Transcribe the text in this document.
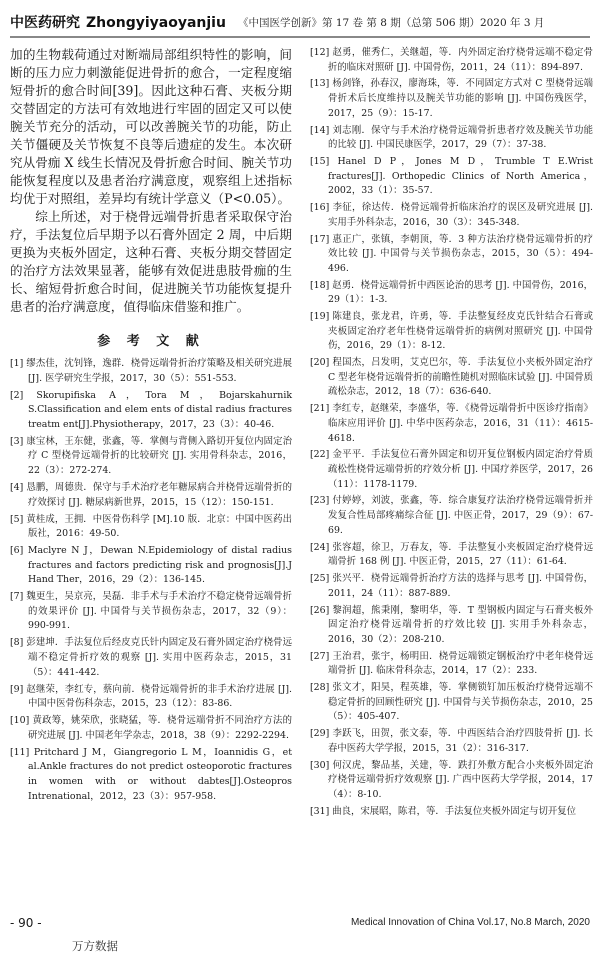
中医药研究 Zhongyiyaoyanjiu 《中国医学创新》第 17 卷 第 8 期（总第 506 期）2020 年 3 月

加的生物载荷通过对断端局部组织特性的影响，间断的压力应力刺激能促进骨折的愈合，一定程度缩短骨折的愈合时间[39]。因此这种石膏、夹板分期交替固定的方法可有效地进行牢固的固定又可以使腕关节充分的活动，可以改善腕关节的功能，防止关节僵硬及关节恢复不良等后遗症的发生。本次研究从骨痂 X 线生长情况及骨折愈合时间、腕关节功能恢复程度以及患者治疗满意度，观察组上述指标均优于对照组，差异均有统计学意义（P<0.05）。

综上所述，对于桡骨远端骨折患者采取保守治疗，手法复位后早期予以石膏外固定 2 周，中后期更换为夹板外固定，这种石膏、夹板分期交替固定的治疗方法效果显著，能够有效促进患肢骨痂的生长、缩短骨折愈合时间，促进腕关节功能恢复提升患者的治疗满意度，值得临床借鉴和推广。

参 考 文 献
[1] 缪杰佳，沈钊锋，逸群．桡骨远端骨折治疗策略及相关研究进展 [J]. 医学研究生学报，2017，30（5）：551-553.
[2] Skorupifiska A，Tora M，Bojarskahurnik S.Classification and elem ents of distal radius fractures treatm ent[J].Physiotherapy，2017，23（3）：40-46.
[3] 康宝林，王东健，张鑫，等．掌侧与背侧入路切开复位内固定治疗 C 型桡骨远端骨折的比较研究 [J]. 实用骨科杂志，2016，22（3）：272-274.
[4] 恳鹏，周德贵．保守与手术治疗老年糖尿病合并桡骨远端骨折的疗效探讨 [J]. 糖尿病新世界，2015，15（12）：150-151.
[5] 黄桂成，王拥．中医骨伤科学 [M].10 版．北京：中国中医药出版社，2016：49-50.
[6] Maclyre N J，Dewan N.Epidemiology of distal radius fractures and factors predicting risk and prognosis[J].J Hand Ther，2016，29（2）：136-145.
[7] 魏更生，吴京亮，吴磊．非手术与手术治疗不稳定桡骨远端骨折的效果评价 [J]. 中国骨与关节损伤杂志，2017，32（9）：990-991.
[8] 彭建坤．手法复位后经皮克氏针内固定及石膏外固定治疗桡骨远端不稳定骨折疗效的观察 [J]. 实用中医药杂志，2015，31（5）：441-442.
[9] 赵继荣，李红专，蔡向前．桡骨远端骨折的非手术治疗进展 [J]. 中国中医骨伤科杂志，2015，23（12）：83-86.
[10] 黄政筹，姚荣欣，张晓猛，等．桡骨远端骨折不同治疗方法的研究进展 [J]. 中国老年学杂志，2018，38（9）：2292-2294.
[11] Pritchard J M，Giangregorio L M，Ioannidis G，et al.Ankle fractures do not predict osteoporotic fractures in women with or without dabtes[J].Osteopros Intrenational，2012，23（3）：957-958.
[12] 赵勇，催秀仁，关继超，等．内外固定治疗桡骨远端不稳定骨折的临床对照研 [J]. 中国骨伤，2011，24（11）：894-897.
[13] 杨剑锋，孙春汉，廖海珠，等．不同固定方式对 C 型桡骨远端骨折术后长度维持以及腕关节功能的影响 [J]. 中国伤残医学，2017，25（9）：15-17.
[14] 刘志刚．保守与手术治疗桡骨远端骨折患者疗效及腕关节功能的比较 [J]. 中国民康医学，2017，29（7）：37-38.
[15] Hanel D P，Jones M D，Trumble T E.Wrist fractures[J]. Orthopedic Clinics of North America，2002，33（1）：35-57.
[16] 李征，徐达传．桡骨远端骨折临床治疗的误区及研究进展 [J]. 实用手外科杂志，2016，30（3）：345-348.
[17] 惠正广，张镇，李朝顶，等．3 种方法治疗桡骨远端骨折的疗效比较 [J]. 中国骨与关节损伤杂志，2015，30（5）：494-496.
[18] 赵勇．桡骨远端骨折中西医论治的思考 [J]. 中国骨伤，2016，29（1）：1-3.
[19] 陈建良，张龙君，许勇，等．手法整复经皮克氏针结合石膏或夹板固定治疗老年性桡骨远端骨折的病例对照研究 [J]. 中国骨伤，2016，29（1）：8-12.
[20] 程国杰，吕发明，艾克巴尔，等．手法复位小夹板外固定治疗 C 型老年桡骨远端骨折的前瞻性随机对照临床试验 [J]. 中国骨质疏松杂志，2012，18（7）：636-640.
[21] 李红专，赵继荣，李盛华，等．《桡骨远端骨折中医诊疗指南》临床应用评价 [J]. 中华中医药杂志，2016，31（11）：4615-4618.
[22] 金平平．手法复位石膏外固定和切开复位钢板内固定治疗骨质疏松性桡骨远端骨折的疗效分析 [J]. 中国疗养医学，2017，26（11）：1178-1179.
[23] 付婷婷，刘波，张鑫，等．综合康复疗法治疗桡骨远端骨折并发复合性局部疼痛综合征 [J]. 中医正骨，2017，29（9）：67-69.
[24] 张容超，徐卫，万春友，等．手法整复小夹板固定治疗桡骨远端骨折 168 例 [J]. 中医正骨，2015，27（11）：61-64.
[25] 张兴平．桡骨远端骨折治疗方法的选择与思考 [J]. 中国骨伤，2011，24（11）：887-889.
[26] 黎润超，熊秉刚，黎明华，等．T 型钢板内固定与石膏夹板外固定治疗桡骨远端骨折的疗效比较 [J]. 实用手外科杂志，2016，30（2）：208-210.
[27] 王治君，张宇，杨明田．桡骨远端锁定钢板治疗中老年桡骨远端骨折 [J]. 临床骨科杂志，2014，17（2）：233.
[28] 张文才，阳昊，程英雄，等．掌侧锁钉加压板治疗桡骨远端不稳定骨折的回顾性研究 [J]. 中国骨与关节损伤杂志，2010，25（5）：405-407.
[29] 李跃飞，田贺，张文泰，等．中西医结合治疗四肢骨折 [J]. 长春中医药大学学报，2015，31（2）：316-317.
[30] 何汉虎，黎品基，关建，等．跌打外敷方配合小夹板外固定治疗桡骨远端骨折疗效观察 [J]. 广西中医药大学学报，2014，17（4）：8-10.
[31] 曲良，宋展昭，陈君，等．手法复位夹板外固定与切开复位
- 90 -	Medical Innovation of China Vol.17, No.8 March, 2020
万方数据
